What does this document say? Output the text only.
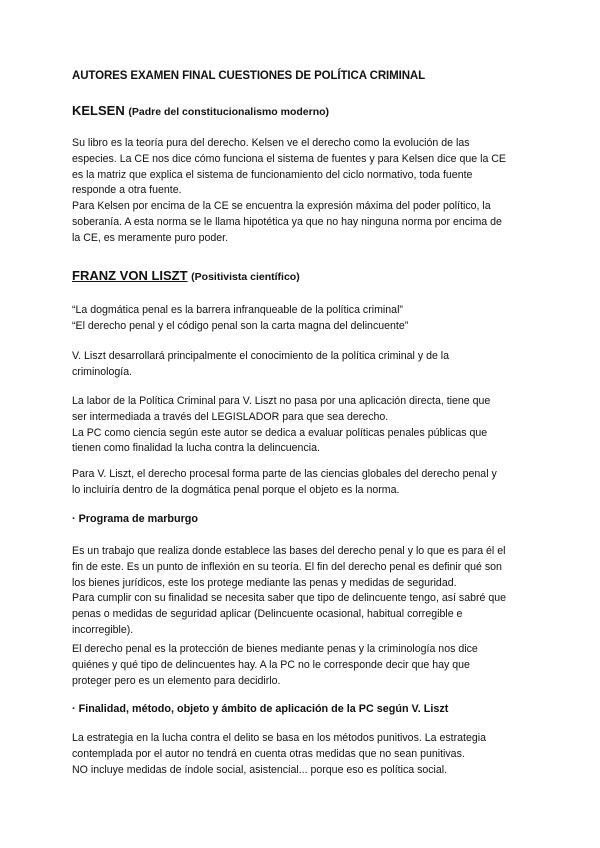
AUTORES EXAMEN FINAL CUESTIONES DE POLÍTICA CRIMINAL
KELSEN (Padre del constitucionalismo moderno)
Su libro es la teoría pura del derecho. Kelsen ve el derecho como la evolución de las
especies. La CE nos dice cómo funciona el sistema de fuentes y para Kelsen dice que la CE
es la matriz que explica el sistema de funcionamiento del ciclo normativo, toda fuente
responde a otra fuente.
Para Kelsen por encima de la CE se encuentra la expresión máxima del poder político, la
soberanía. A esta norma se le llama hipotética ya que no hay ninguna norma por encima de
la CE, es meramente puro poder.
FRANZ VON LISZT (Positivista científico)
“La dogmática penal es la barrera infranqueable de la política criminal”
“El derecho penal y el código penal son la carta magna del delincuente”
V. Liszt desarrollará principalmente el conocimiento de la política criminal y de la
criminología.
La labor de la Política Criminal para V. Liszt no pasa por una aplicación directa, tiene que
ser intermediada a través del LEGISLADOR para que sea derecho.
La PC como ciencia según este autor se dedica a evaluar políticas penales públicas que
tienen como finalidad la lucha contra la delincuencia.
Para V. Liszt, el derecho procesal forma parte de las ciencias globales del derecho penal y
lo incluiría dentro de la dogmática penal porque el objeto es la norma.
· Programa de marburgo
Es un trabajo que realiza donde establece las bases del derecho penal y lo que es para él el
fin de este. Es un punto de inflexión en su teoría. El fin del derecho penal es definir qué son
los bienes jurídicos, este los protege mediante las penas y medidas de seguridad.
Para cumplir con su finalidad se necesita saber que tipo de delincuente tengo, así sabré que
penas o medidas de seguridad aplicar (Delincuente ocasional, habitual corregible e
incorregible).
El derecho penal es la protección de bienes mediante penas y la criminología nos dice
quiénes y qué tipo de delincuentes hay. A la PC no le corresponde decir que hay que
proteger pero es un elemento para decidirlo.
· Finalidad, método, objeto y ámbito de aplicación de la PC según V. Liszt
La estrategia en la lucha contra el delito se basa en los métodos punitivos. La estrategia
contemplada por el autor no tendrá en cuenta otras medidas que no sean punitivas.
NO incluye medidas de índole social, asistencial... porque eso es política social.
